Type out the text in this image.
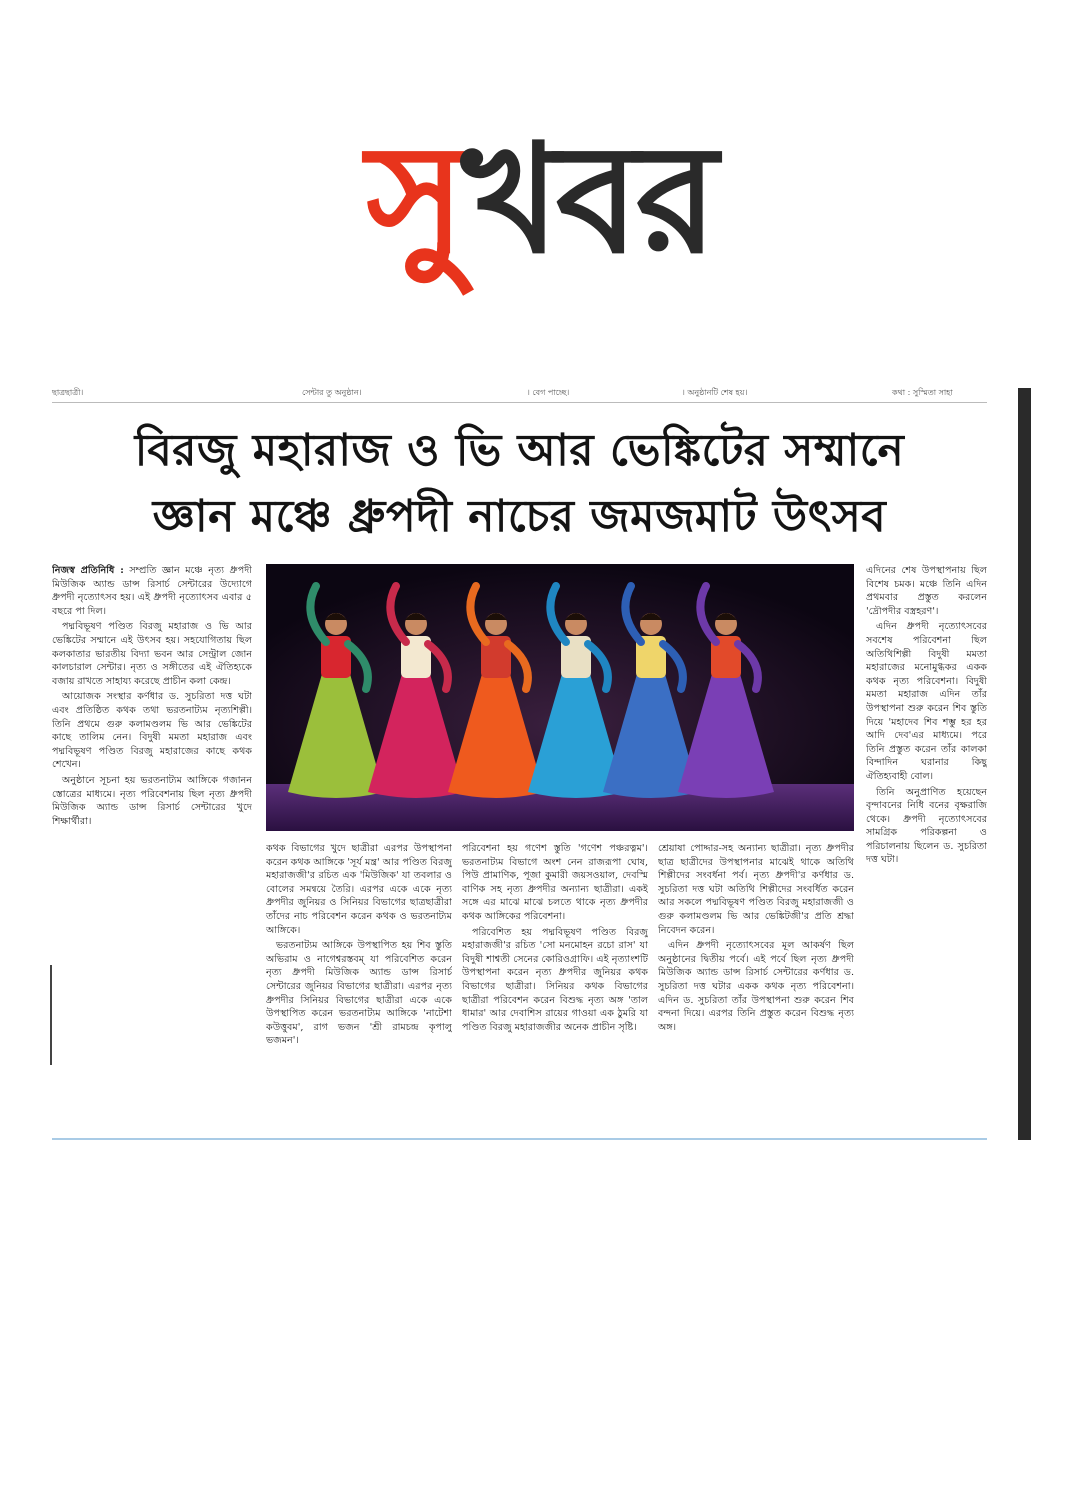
সুখবর
ছাত্রছাত্রী।	সেন্টার তু অনুষ্ঠান।	। বেগ পাচ্ছে।	। অনুষ্ঠানটি শেষ হয়।	কথা : সুস্মিতা সাহা
বিরজু মহারাজ ও ভি আর ভেঙ্কিটের সম্মানে
জ্ঞান মঞ্চে ধ্রুপদী নাচের জমজমাট উৎসব

নিজস্ব প্রতিনিধি : সম্প্রতি জ্ঞান মঞ্চে নৃত্য ধ্রুপদী মিউজিক অ্যান্ড ডান্স রিসার্চ সেন্টারের উদ্যোগে ধ্রুপদী নৃত্যোৎসব হয়। এই ধ্রুপদী নৃত্যোৎসব এবার ৫ বছরে পা দিল।

পদ্মবিভূষণ পণ্ডিত বিরজু মহারাজ ও ভি আর ভেঙ্কিটের সম্মানে এই উৎসব হয়। সহযোগিতায় ছিল কলকাতার ভারতীয় বিদ্যা ভবন আর সেন্ট্রাল জোন কালচারাল সেন্টার। নৃত্য ও সঙ্গীতের এই ঐতিহ্যকে বজায় রাখতে সাহায্য করেছে প্রাচীন কলা কেন্দ্র।

আয়োজক সংস্থার কর্ণধার ড. সুচরিতা দত্ত ঘটা এবং প্রতিষ্ঠিত কথক তথা ভরতনাট্যম নৃত্যশিল্পী। তিনি প্রথমে গুরু কলামণ্ডলম ভি আর ভেঙ্কিটের কাছে তালিম নেন। বিদুষী মমতা মহারাজ এবং পদ্মবিভূষণ পণ্ডিত বিরজু মহারাজের কাছে কথক শেখেন।

অনুষ্ঠানে সূচনা হয় ভরতনাট্যম আঙ্গিকে গজানন স্তোত্রের মাধ্যমে। নৃত্য পরিবেশনায় ছিল নৃত্য ধ্রুপদী মিউজিক অ্যান্ড ডান্স রিসার্চ সেন্টারের খুদে শিক্ষার্থীরা।

কথক বিভাগের খুদে ছাত্রীরা এরপর উপস্থাপনা করেন কথক আঙ্গিকে 'সূর্য মন্ত্র' আর পণ্ডিত বিরজু মহারাজজী'র রচিত এক 'মিউজিক' যা তবলার ও বোলের সমন্বয়ে তৈরি। এরপর একে একে নৃত্য ধ্রুপদীর জুনিয়র ও সিনিয়র বিভাগের ছাত্রছাত্রীরা তাঁদের নাচ পরিবেশন করেন কথক ও ভরতনাট্যম আঙ্গিকে।

ভরতনাট্যম আঙ্গিকে উপস্থাপিত হয় শিব স্তুতি অভিরাম ও নাগেশ্বরস্তবম্ যা পরিবেশিত করেন নৃত্য ধ্রুপদী মিউজিক অ্যান্ড ডান্স রিসার্চ সেন্টারের জুনিয়র বিভাগের ছাত্রীরা। এরপর নৃত্য ধ্রুপদীর সিনিয়র বিভাগের ছাত্রীরা একে একে উপস্থাপিত করেন ভরতনাট্যম আঙ্গিকে 'নাটেশা কউত্তুবম', রাগ ভজন 'শ্রী রামচন্দ্র কৃপালু ভজমন'।

পরিবেশনা হয় গণেশ স্তুতি 'গণেশ পঞ্চরত্নম'। ভরতনাট্যম বিভাগে অংশ নেন রাজরূপা ঘোষ, পিউ প্রামাণিক, পূজা কুমারী জয়সওয়াল, দেবস্মি বাণিক সহ নৃত্য ধ্রুপদীর অন্যান্য ছাত্রীরা। একই সঙ্গে এর মাঝে মাঝে চলতে থাকে নৃত্য ধ্রুপদীর কথক আঙ্গিকের পরিবেশনা।

পরিবেশিত হয় পদ্মবিভূষণ পণ্ডিত বিরজু মহারাজজী'র রচিত 'সো মনমোহন রচো রাস' যা বিদুষী শাশ্বতী সেনের কোরিওগ্রাফি। এই নৃত্যাংশটি উপস্থাপনা করেন নৃত্য ধ্রুপদীর জুনিয়র কথক বিভাগের ছাত্রীরা। সিনিয়র কথক বিভাগের ছাত্রীরা পরিবেশন করেন বিশুদ্ধ নৃত্য অঙ্গ 'তাল ধামার' আর দেবাশিস রায়ের গাওয়া এক ঠুমরি যা পণ্ডিত বিরজু মহারাজজীর অনেক প্রাচীন সৃষ্টি।

শ্রেয়াষা পোদ্দার-সহ অন্যান্য ছাত্রীরা। নৃত্য ধ্রুপদীর ছাত্র ছাত্রীদের উপস্থাপনার মাঝেই থাকে অতিথি শিল্পীদের সংবর্ধনা পর্ব। নৃত্য ধ্রুপদী'র কর্ণধার ড. সুচরিতা দত্ত ঘটা অতিথি শিল্পীদের সংবর্ধিত করেন আর সকলে পদ্মবিভূষণ পণ্ডিত বিরজু মহারাজজী ও গুরু কলামণ্ডলম ভি আর ভেঙ্কিটজী'র প্রতি শ্রদ্ধা নিবেদন করেন।

এদিন ধ্রুপদী নৃত্যোৎসবের মূল আকর্ষণ ছিল অনুষ্ঠানের দ্বিতীয় পর্বে। এই পর্বে ছিল নৃত্য ধ্রুপদী মিউজিক অ্যান্ড ডান্স রিসার্চ সেন্টারের কর্ণধার ড. সুচরিতা দত্ত ঘটার একক কথক নৃত্য পরিবেশনা। এদিন ড. সুচরিতা তাঁর উপস্থাপনা শুরু করেন শিব বন্দনা দিয়ে। এরপর তিনি প্রস্তুত করেন বিশুদ্ধ নৃত্য অঙ্গ।

এদিনের শেষ উপস্থাপনায় ছিল বিশেষ চমক। মঞ্চে তিনি এদিন প্রথমবার প্রস্তুত করলেন 'দ্রৌপদীর বস্ত্রহরণ'।

এদিন ধ্রুপদী নৃত্যোৎসবের সবশেষ পরিবেশনা ছিল অতিথিশিল্পী বিদুষী মমতা মহারাজের মনোমুগ্ধকর একক কথক নৃত্য পরিবেশনা। বিদুষী মমতা মহারাজ এদিন তাঁর উপস্থাপনা শুরু করেন শিব স্তুতি দিয়ে 'মহাদেব শিব শম্ভু হর হর আদি দেব'এর মাধ্যমে। পরে তিনি প্রস্তুত করেন তাঁর কালকা বিন্দাদিন ঘরানার কিছু ঐতিহ্যবাহী বোল।

তিনি অনুপ্রাণিত হয়েছেন বৃন্দাবনের নিধি বনের বৃক্ষরাজি থেকে। ধ্রুপদী নৃত্যোৎসবের সামগ্রিক পরিকল্পনা ও পরিচালনায় ছিলেন ড. সুচরিতা দত্ত ঘটা।
